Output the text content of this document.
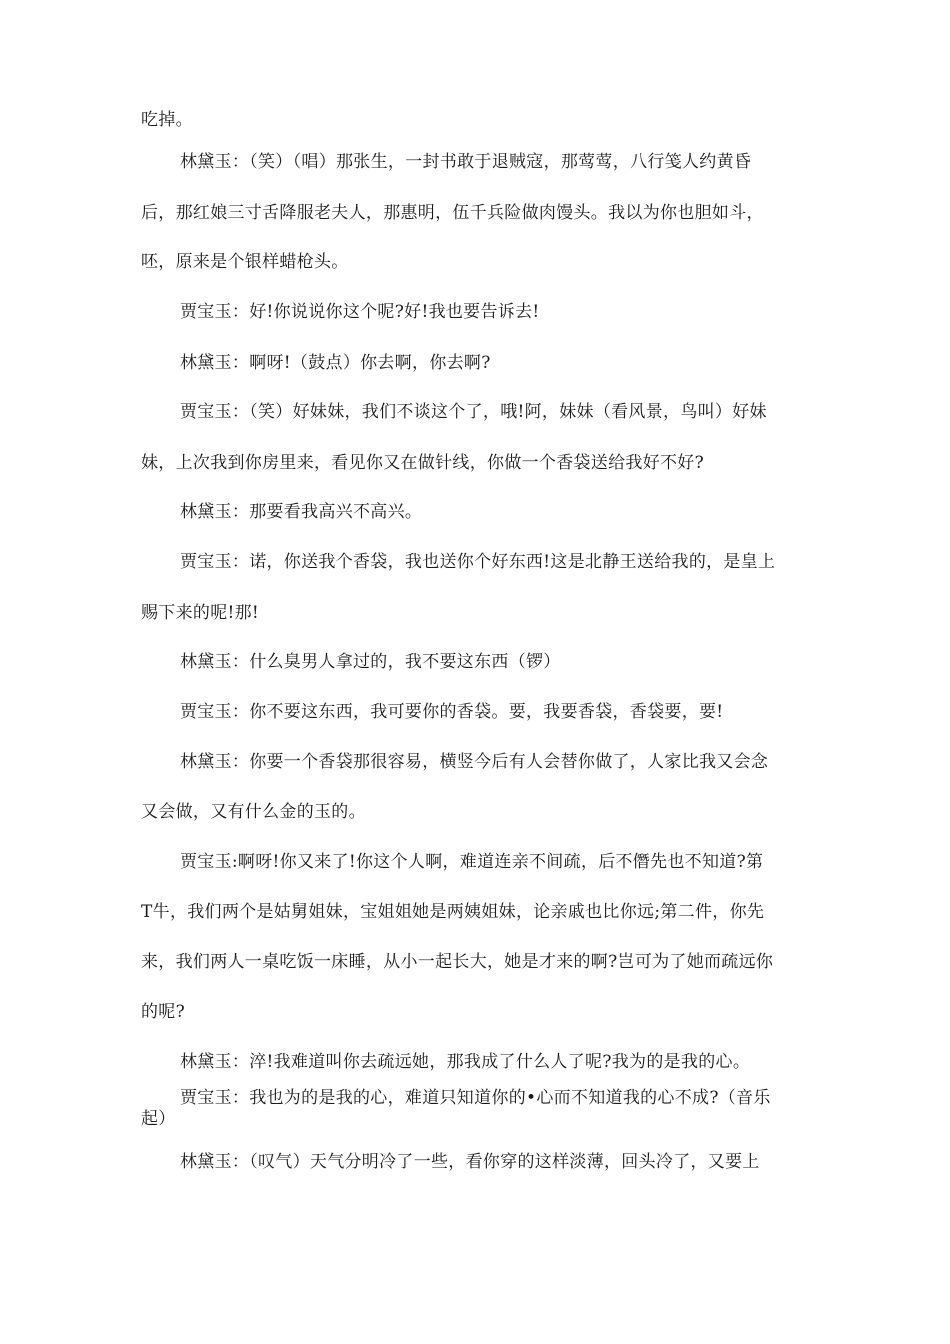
吃掉。
林黛玉：（笑）（唱）那张生，一封书敢于退贼寇，那莺莺，八行笺人约黄昏
后，那红娘三寸舌降服老夫人，那惠明，伍千兵险做肉馒头。我以为你也胆如斗，
呸，原来是个银样蜡枪头。
贾宝玉：好!你说说你这个呢?好!我也要告诉去!
林黛玉：啊呀!（鼓点）你去啊，你去啊?
贾宝玉：（笑）好妹妹，我们不谈这个了，哦!阿，妹妹（看风景，鸟叫）好妹
妹，上次我到你房里来，看见你又在做针线，你做一个香袋送给我好不好?
林黛玉：那要看我高兴不高兴。
贾宝玉：诺，你送我个香袋，我也送你个好东西!这是北静王送给我的，是皇上
赐下来的呢!那!
林黛玉：什么臭男人拿过的，我不要这东西（锣）
贾宝玉：你不要这东西，我可要你的香袋。要，我要香袋，香袋要，要!
林黛玉：你要一个香袋那很容易，横竖今后有人会替你做了，人家比我又会念
又会做，又有什么金的玉的。
贾宝玉:啊呀!你又来了!你这个人啊，难道连亲不间疏，后不僭先也不知道?第
T牛，我们两个是姑舅姐妹，宝姐姐她是两姨姐妹，论亲戚也比你远;第二件，你先
来，我们两人一桌吃饭一床睡，从小一起长大，她是才来的啊?岂可为了她而疏远你
的呢?
林黛玉：淬!我难道叫你去疏远她，那我成了什么人了呢?我为的是我的心。
贾宝玉：我也为的是我的心，难道只知道你的•心而不知道我的心不成?（音乐
起）
林黛玉：（叹气）天气分明冷了一些，看你穿的这样淡薄，回头冷了，又要上
